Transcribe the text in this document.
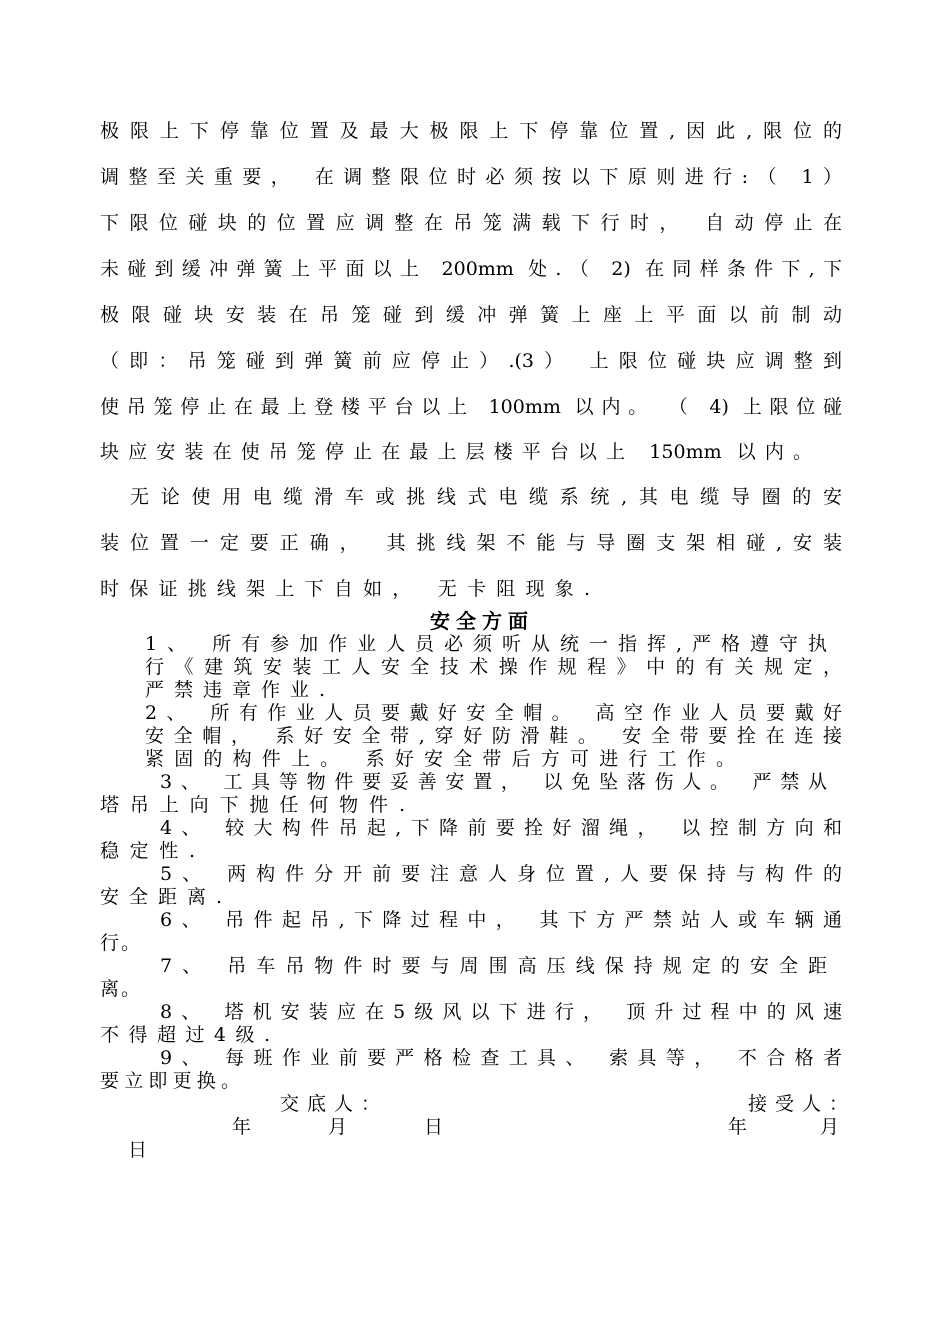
极限上下停靠位置及最大极限上下停靠位置,因此,限位的
调整至关重要， 在调整限位时必须按以下原则进行:（ 1）
下限位碰块的位置应调整在吊笼满载下行时， 自动停止在
未碰到缓冲弹簧上平面以上 200mm 处.（ 2) 在同样条件下,下
极限碰块安装在吊笼碰到缓冲弹簧上座上平面以前制动
（即：吊笼碰到弹簧前应停止）.(3） 上限位碰块应调整到
使吊笼停止在最上登楼平台以上 100mm 以内。 （ 4) 上限位碰
块应安装在使吊笼停止在最上层楼平台以上 150mm 以内。
无论使用电缆滑车或挑线式电缆系统,其电缆导圈的安
装位置一定要正确， 其挑线架不能与导圈支架相碰,安装
时保证挑线架上下自如， 无卡阻现象.
安全方面
1、 所有参加作业人员必须听从统一指挥,严格遵守执
行《建筑安装工人安全技术操作规程》中的有关规定，
严禁违章作业.
2、 所有作业人员要戴好安全帽。 高空作业人员要戴好
安全帽， 系好安全带,穿好防滑鞋。 安全带要拴在连接
紧固的构件上。 系好安全带后方可进行工作。
3、 工具等物件要妥善安置， 以免坠落伤人。 严禁从
塔吊上向下抛任何物件.
4、 较大构件吊起,下降前要拴好溜绳， 以控制方向和
稳定性.
5、 两构件分开前要注意人身位置,人要保持与构件的
安全距离.
6、 吊件起吊,下降过程中， 其下方严禁站人或车辆通
行。
7、 吊车吊物件时要与周围高压线保持规定的安全距
离。
8、 塔机安装应在5级风以下进行， 顶升过程中的风速
不得超过4级.
9、 每班作业前要严格检查工具、 索具等， 不合格者
要立即更换。
交底人：	接受人：
年	月	日	年	月
日
